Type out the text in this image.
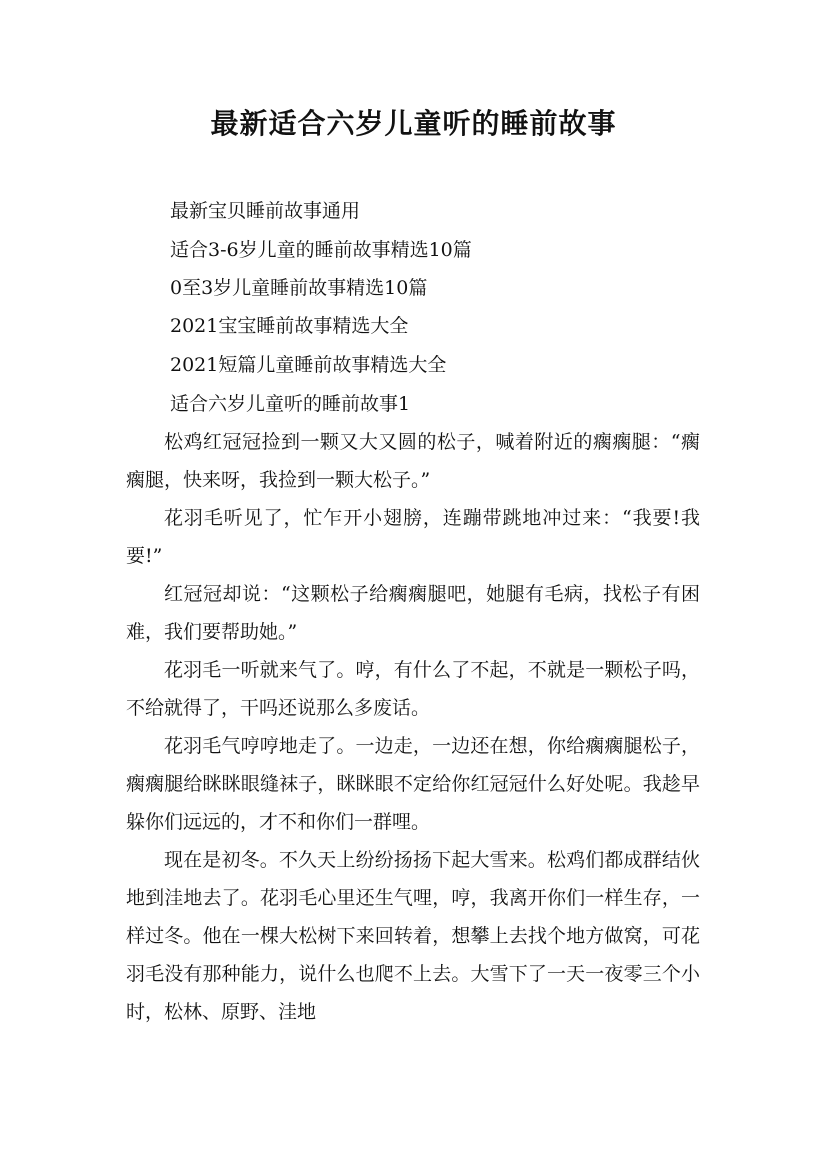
最新适合六岁儿童听的睡前故事
最新宝贝睡前故事通用
适合3-6岁儿童的睡前故事精选10篇
0至3岁儿童睡前故事精选10篇
2021宝宝睡前故事精选大全
2021短篇儿童睡前故事精选大全
适合六岁儿童听的睡前故事1

松鸡红冠冠捡到一颗又大又圆的松子，喊着附近的瘸瘸腿：“瘸瘸腿，快来呀，我捡到一颗大松子。”

花羽毛听见了，忙乍开小翅膀，连蹦带跳地冲过来：“我要!我要!”

红冠冠却说：“这颗松子给瘸瘸腿吧，她腿有毛病，找松子有困难，我们要帮助她。”

花羽毛一听就来气了。哼，有什么了不起，不就是一颗松子吗，不给就得了，干吗还说那么多废话。

花羽毛气哼哼地走了。一边走，一边还在想，你给瘸瘸腿松子，瘸瘸腿给眯眯眼缝袜子，眯眯眼不定给你红冠冠什么好处呢。我趁早躲你们远远的，才不和你们一群哩。

现在是初冬。不久天上纷纷扬扬下起大雪来。松鸡们都成群结伙地到洼地去了。花羽毛心里还生气哩，哼，我离开你们一样生存，一样过冬。他在一棵大松树下来回转着，想攀上去找个地方做窝，可花羽毛没有那种能力，说什么也爬不上去。大雪下了一天一夜零三个小时，松林、原野、洼地
